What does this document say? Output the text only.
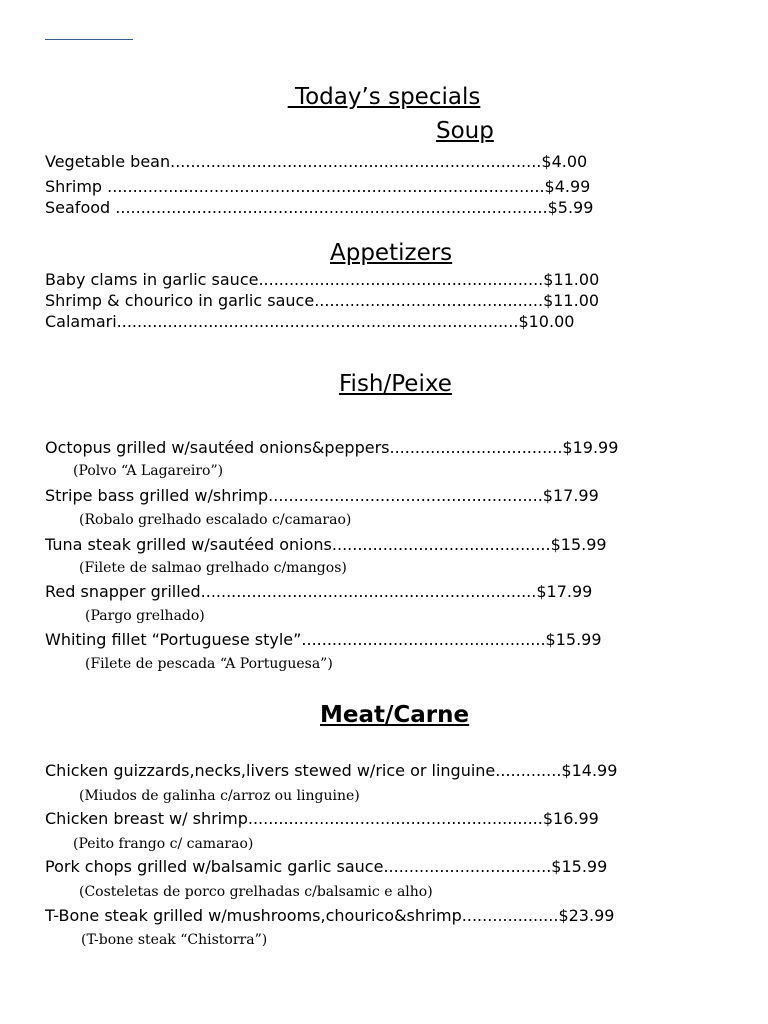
Today’s specials
Soup
Vegetable bean.........................................................................$4.00
Shrimp ......................................................................................$4.99
Seafood .....................................................................................$5.99
Appetizers
Baby clams in garlic sauce........................................................$11.00
Shrimp & chourico in garlic sauce.............................................$11.00
Calamari...............................................................................$10.00
Fish/Peixe
Octopus grilled w/sautéed onions&peppers..................................$19.99
(Polvo “A Lagareiro”)
Stripe bass grilled w/shrimp......................................................$17.99
(Robalo grelhado escalado c/camarao)
Tuna steak grilled w/sautéed onions...........................................$15.99
(Filete de salmao grelhado c/mangos)
Red snapper grilled..................................................................$17.99
(Pargo grelhado)
Whiting fillet “Portuguese style”................................................$15.99
(Filete de pescada “A Portuguesa”)
Meat/Carne
Chicken guizzards,necks,livers stewed w/rice or linguine.............$14.99
(Miudos de galinha c/arroz ou linguine)
Chicken breast w/ shrimp..........................................................$16.99
(Peito frango c/ camarao)
Pork chops grilled w/balsamic garlic sauce.................................$15.99
(Costeletas de porco grelhadas c/balsamic e alho)
T-Bone steak grilled w/mushrooms,chourico&shrimp...................$23.99
(T-bone steak “Chistorra”)
